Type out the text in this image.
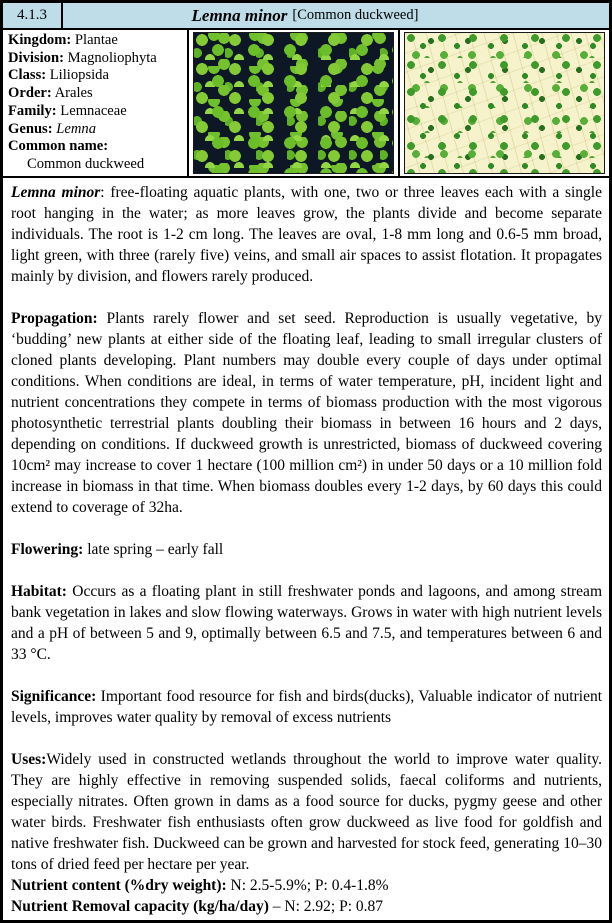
4.1.3	Lemna minor [Common duckweed]
Kingdom: Plantae
Division: Magnoliophyta
Class: Liliopsida
Order: Arales
Family: Lemnaceae
Genus: Lemna
Common name:
Common duckweed
Lemna minor: free-floating aquatic plants, with one, two or three leaves each with a single root hanging in the water; as more leaves grow, the plants divide and become separate individuals. The root is 1-2 cm long. The leaves are oval, 1-8 mm long and 0.6-5 mm broad, light green, with three (rarely five) veins, and small air spaces to assist flotation. It propagates mainly by division, and flowers rarely produced.
Propagation: Plants rarely flower and set seed. Reproduction is usually vegetative, by ‘budding’ new plants at either side of the floating leaf, leading to small irregular clusters of cloned plants developing. Plant numbers may double every couple of days under optimal conditions. When conditions are ideal, in terms of water temperature, pH, incident light and nutrient concentrations they compete in terms of biomass production with the most vigorous photosynthetic terrestrial plants doubling their biomass in between 16 hours and 2 days, depending on conditions. If duckweed growth is unrestricted, biomass of duckweed covering 10cm² may increase to cover 1 hectare (100 million cm²) in under 50 days or a 10 million fold increase in biomass in that time. When biomass doubles every 1-2 days, by 60 days this could extend to coverage of 32ha.
Flowering: late spring – early fall
Habitat: Occurs as a floating plant in still freshwater ponds and lagoons, and among stream bank vegetation in lakes and slow flowing waterways. Grows in water with high nutrient levels and a pH of between 5 and 9, optimally between 6.5 and 7.5, and temperatures between 6 and 33 °C.
Significance: Important food resource for fish and birds(ducks), Valuable indicator of nutrient levels, improves water quality by removal of excess nutrients
Uses:Widely used in constructed wetlands throughout the world to improve water quality. They are highly effective in removing suspended solids, faecal coliforms and nutrients, especially nitrates. Often grown in dams as a food source for ducks, pygmy geese and other water birds. Freshwater fish enthusiasts often grow duckweed as live food for goldfish and native freshwater fish. Duckweed can be grown and harvested for stock feed, generating 10–30 tons of dried feed per hectare per year.
Nutrient content (%dry weight): N: 2.5-5.9%; P: 0.4-1.8%
Nutrient Removal capacity (kg/ha/day) – N: 2.92; P: 0.87
